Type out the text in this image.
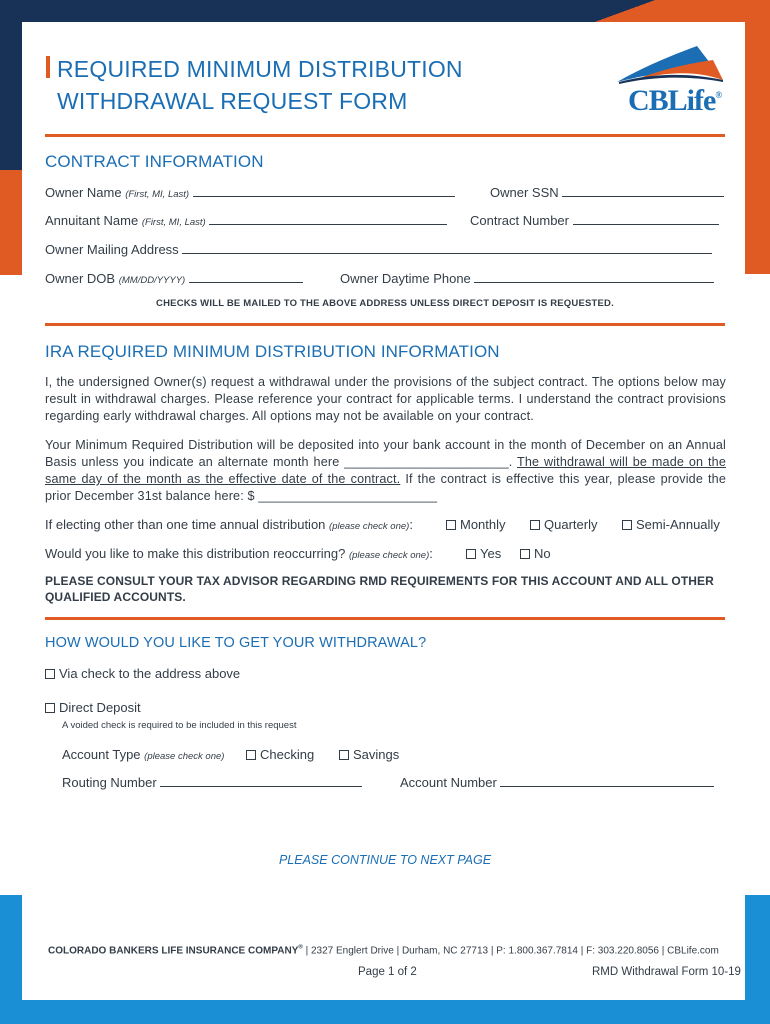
REQUIRED MINIMUM DISTRIBUTION
WITHDRAWAL REQUEST FORM	CBLife®
CONTRACT INFORMATION
Owner Name (First, MI, Last)	Owner SSN
Annuitant Name (First, MI, Last)	Contract Number
Owner Mailing Address
Owner DOB (MM/DD/YYYY)	Owner Daytime Phone
CHECKS WILL BE MAILED TO THE ABOVE ADDRESS UNLESS DIRECT DEPOSIT IS REQUESTED.
IRA REQUIRED MINIMUM DISTRIBUTION INFORMATION
I, the undersigned Owner(s) request a withdrawal under the provisions of the subject contract. The options below may result in withdrawal charges. Please reference your contract for applicable terms. I understand the contract provisions regarding early withdrawal charges. All options may not be available on your contract.
Your Minimum Required Distribution will be deposited into your bank account in the month of December on an Annual Basis unless you indicate an alternate month here _______________________. The withdrawal will be made on the same day of the month as the effective date of the contract. If the contract is effective this year, please provide the prior December 31st balance here: $ _________________________
If electing other than one time annual distribution (please check one):	Monthly	Quarterly	Semi-Annually
Would you like to make this distribution reoccurring? (please check one):	Yes	No
PLEASE CONSULT YOUR TAX ADVISOR REGARDING RMD REQUIREMENTS FOR THIS ACCOUNT AND ALL OTHER QUALIFIED ACCOUNTS.
HOW WOULD YOU LIKE TO GET YOUR WITHDRAWAL?
Via check to the address above
Direct Deposit
A voided check is required to be included in this request
Account Type (please check one)	Checking	Savings
Routing Number	Account Number
PLEASE CONTINUE TO NEXT PAGE
COLORADO BANKERS LIFE INSURANCE COMPANY® | 2327 Englert Drive | Durham, NC 27713 | P: 1.800.367.7814 | F: 303.220.8056 | CBLife.com
Page 1 of 2	RMD Withdrawal Form 10-19
